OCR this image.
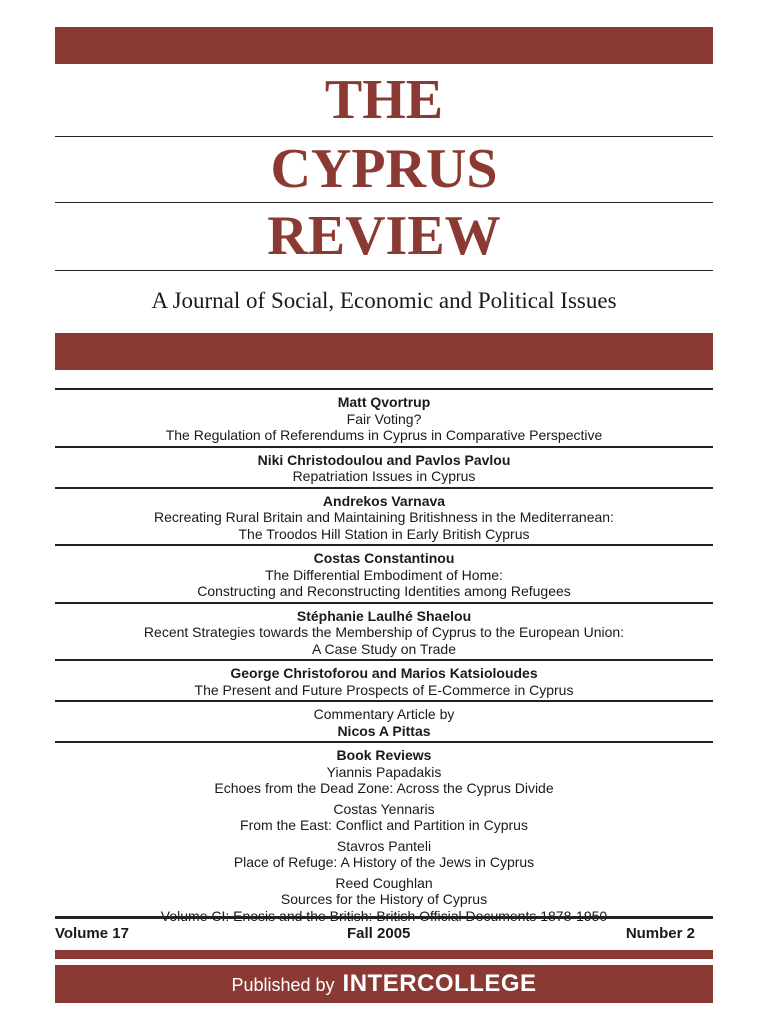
THE
CYPRUS
REVIEW
A Journal of Social, Economic and Political Issues
Matt Qvortrup
Fair Voting?
The Regulation of Referendums in Cyprus in Comparative Perspective
Niki Christodoulou and Pavlos Pavlou
Repatriation Issues in Cyprus
Andrekos Varnava
Recreating Rural Britain and Maintaining Britishness in the Mediterranean:
The Troodos Hill Station in Early British Cyprus
Costas Constantinou
The Differential Embodiment of Home:
Constructing and Reconstructing Identities among Refugees
Stéphanie Laulhé Shaelou
Recent Strategies towards the Membership of Cyprus to the European Union:
A Case Study on Trade
George Christoforou and Marios Katsioloudes
The Present and Future Prospects of E-Commerce in Cyprus
Commentary Article by
Nicos A Pittas
Book Reviews
Yiannis Papadakis
Echoes from the Dead Zone: Across the Cyprus Divide
Costas Yennaris
From the East: Conflict and Partition in Cyprus
Stavros Panteli
Place of Refuge: A History of the Jews in Cyprus
Reed Coughlan
Sources for the History of Cyprus
Volume 17	Fall 2005	Number 2
Published by INTERCOLLEGE
